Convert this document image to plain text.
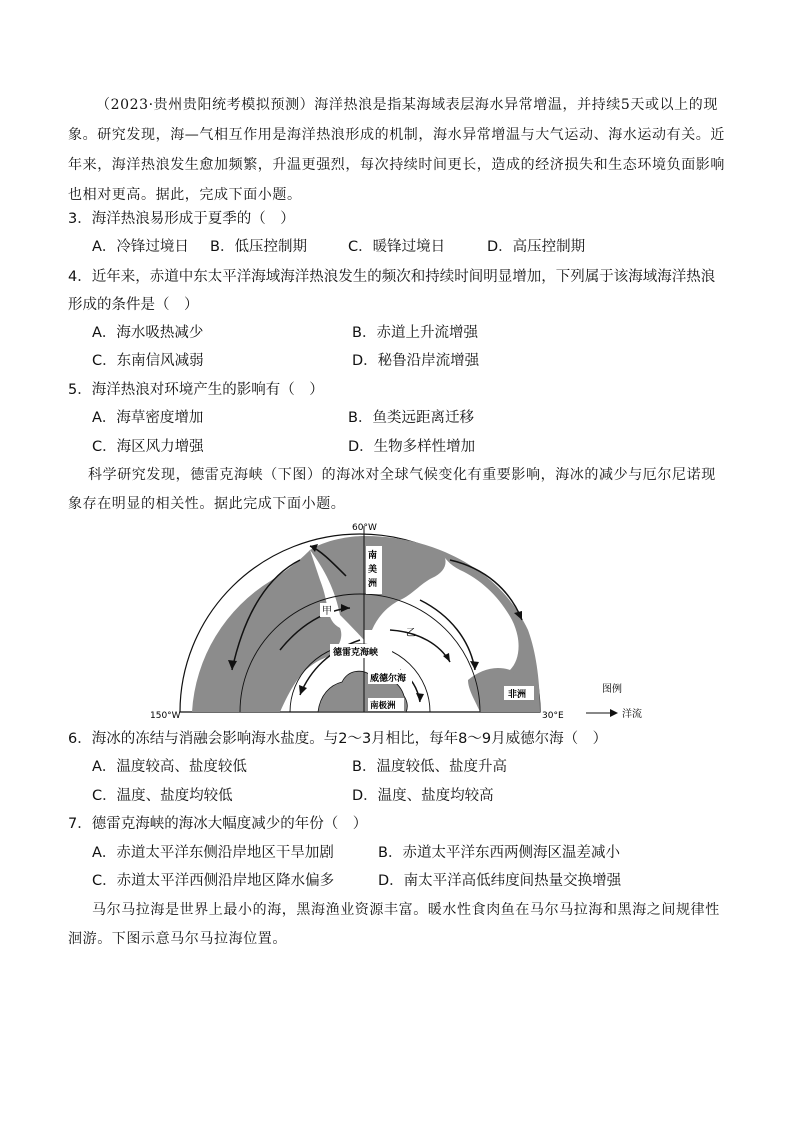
（2023·贵州贵阳统考模拟预测）海洋热浪是指某海域表层海水异常增温，并持续5天或以上的现象。研究发现，海—气相互作用是海洋热浪形成的机制，海水异常增温与大气运动、海水运动有关。近年来，海洋热浪发生愈加频繁，升温更强烈，每次持续时间更长，造成的经济损失和生态环境负面影响也相对更高。据此，完成下面小题。
3．海洋热浪易形成于夏季的（　）
A．冷锋过境日 B．低压控制期	C．暖锋过境日	D．高压控制期
4．近年来，赤道中东太平洋海域海洋热浪发生的频次和持续时间明显增加，下列属于该海域海洋热浪
形成的条件是（　）
A．海水吸热减少	B．赤道上升流增强
C．东南信风减弱	D．秘鲁沿岸流增强
5．海洋热浪对环境产生的影响有（　）
A．海草密度增加	B．鱼类远距离迁移
C．海区风力增强	D．生物多样性增加
科学研究发现，德雷克海峡（下图）的海冰对全球气候变化有重要影响，海冰的减少与厄尔尼诺现象存在明显的相关性。据此完成下面小题。
60°W
150°W	30°E
南
美
洲
甲
乙
德雷克海峡
威德尔海
南极洲
非洲	图例
洋流
6．海冰的冻结与消融会影响海水盐度。与2～3月相比，每年8～9月威德尔海（　）
A．温度较高、盐度较低	B．温度较低、盐度升高
C．温度、盐度均较低	D．温度、盐度均较高
7．德雷克海峡的海冰大幅度减少的年份（　）
A．赤道太平洋东侧沿岸地区干旱加剧	B．赤道太平洋东西两侧海区温差减小
C．赤道太平洋西侧沿岸地区降水偏多	D．南太平洋高低纬度间热量交换增强
马尔马拉海是世界上最小的海，黑海渔业资源丰富。暖水性食肉鱼在马尔马拉海和黑海之间规律性洄游。下图示意马尔马拉海位置。
